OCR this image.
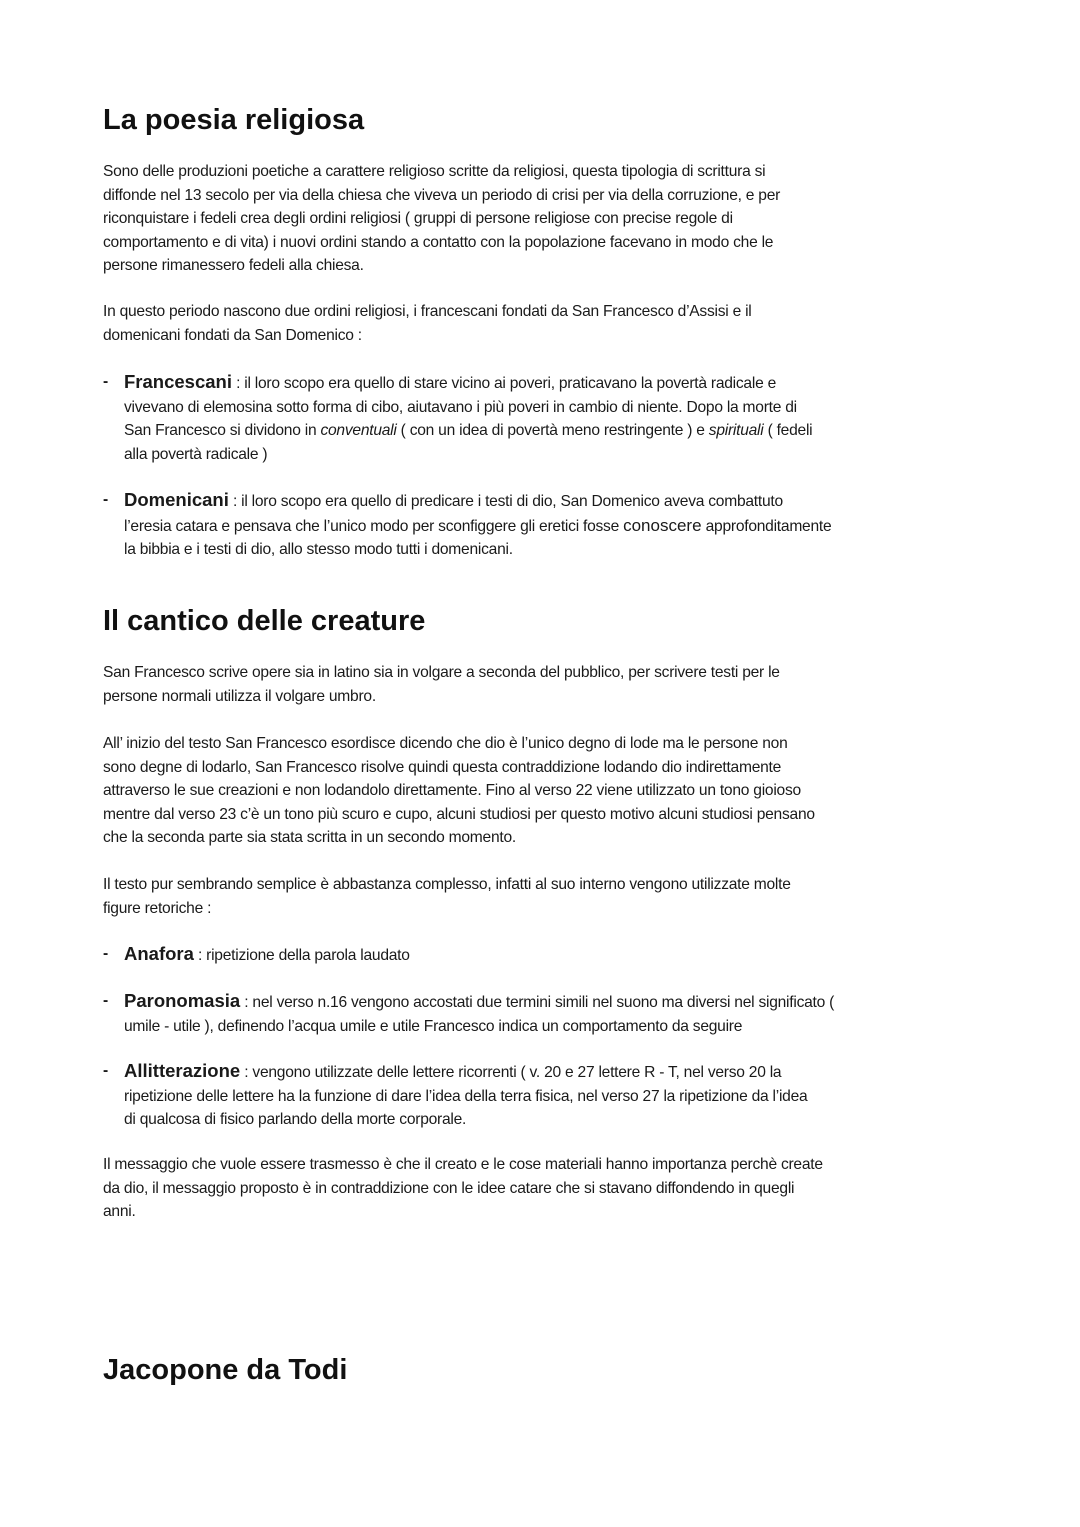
La poesia religiosa
Il cantico delle creature
Jacopone da Todi
Sono delle produzioni poetiche a carattere religioso scritte da religiosi, questa tipologia di scrittura si
diffonde nel 13 secolo per via della chiesa che viveva un periodo di crisi per via della corruzione, e per
riconquistare i fedeli crea degli ordini religiosi ( gruppi di persone religiose con precise regole di
comportamento e di vita) i nuovi ordini stando a contatto con la popolazione facevano in modo che le
persone rimanessero fedeli alla chiesa.
In questo periodo nascono due ordini religiosi, i francescani fondati da San Francesco d’Assisi e il
domenicani fondati da San Domenico :
- Francescani : il loro scopo era quello di stare vicino ai poveri, praticavano la povertà radicale e
vivevano di elemosina sotto forma di cibo, aiutavano i più poveri in cambio di niente. Dopo la morte di
San Francesco si dividono in conventuali ( con un idea di povertà meno restringente ) e spirituali ( fedeli
alla povertà radicale )
- Domenicani : il loro scopo era quello di predicare i testi di dio, San Domenico aveva combattuto
l’eresia catara e pensava che l’unico modo per sconfiggere gli eretici fosse conoscere approfonditamente
la bibbia e i testi di dio, allo stesso modo tutti i domenicani.
San Francesco scrive opere sia in latino sia in volgare a seconda del pubblico, per scrivere testi per le
persone normali utilizza il volgare umbro.
All’ inizio del testo San Francesco esordisce dicendo che dio è l’unico degno di lode ma le persone non
sono degne di lodarlo, San Francesco risolve quindi questa contraddizione lodando dio indirettamente
attraverso le sue creazioni e non lodandolo direttamente. Fino al verso 22 viene utilizzato un tono gioioso
mentre dal verso 23 c’è un tono più scuro e cupo, alcuni studiosi per questo motivo alcuni studiosi pensano
che la seconda parte sia stata scritta in un secondo momento.
Il testo pur sembrando semplice è abbastanza complesso, infatti al suo interno vengono utilizzate molte
figure retoriche :
- Anafora : ripetizione della parola laudato
- Paronomasia : nel verso n.16 vengono accostati due termini simili nel suono ma diversi nel significato (
umile - utile ), definendo l’acqua umile e utile Francesco indica un comportamento da seguire
- Allitterazione : vengono utilizzate delle lettere ricorrenti ( v. 20 e 27 lettere R - T, nel verso 20 la
ripetizione delle lettere ha la funzione di dare l’idea della terra fisica, nel verso 27 la ripetizione da l’idea
di qualcosa di fisico parlando della morte corporale.
Il messaggio che vuole essere trasmesso è che il creato e le cose materiali hanno importanza perchè create
da dio, il messaggio proposto è in contraddizione con le idee catare che si stavano diffondendo in quegli
anni.
